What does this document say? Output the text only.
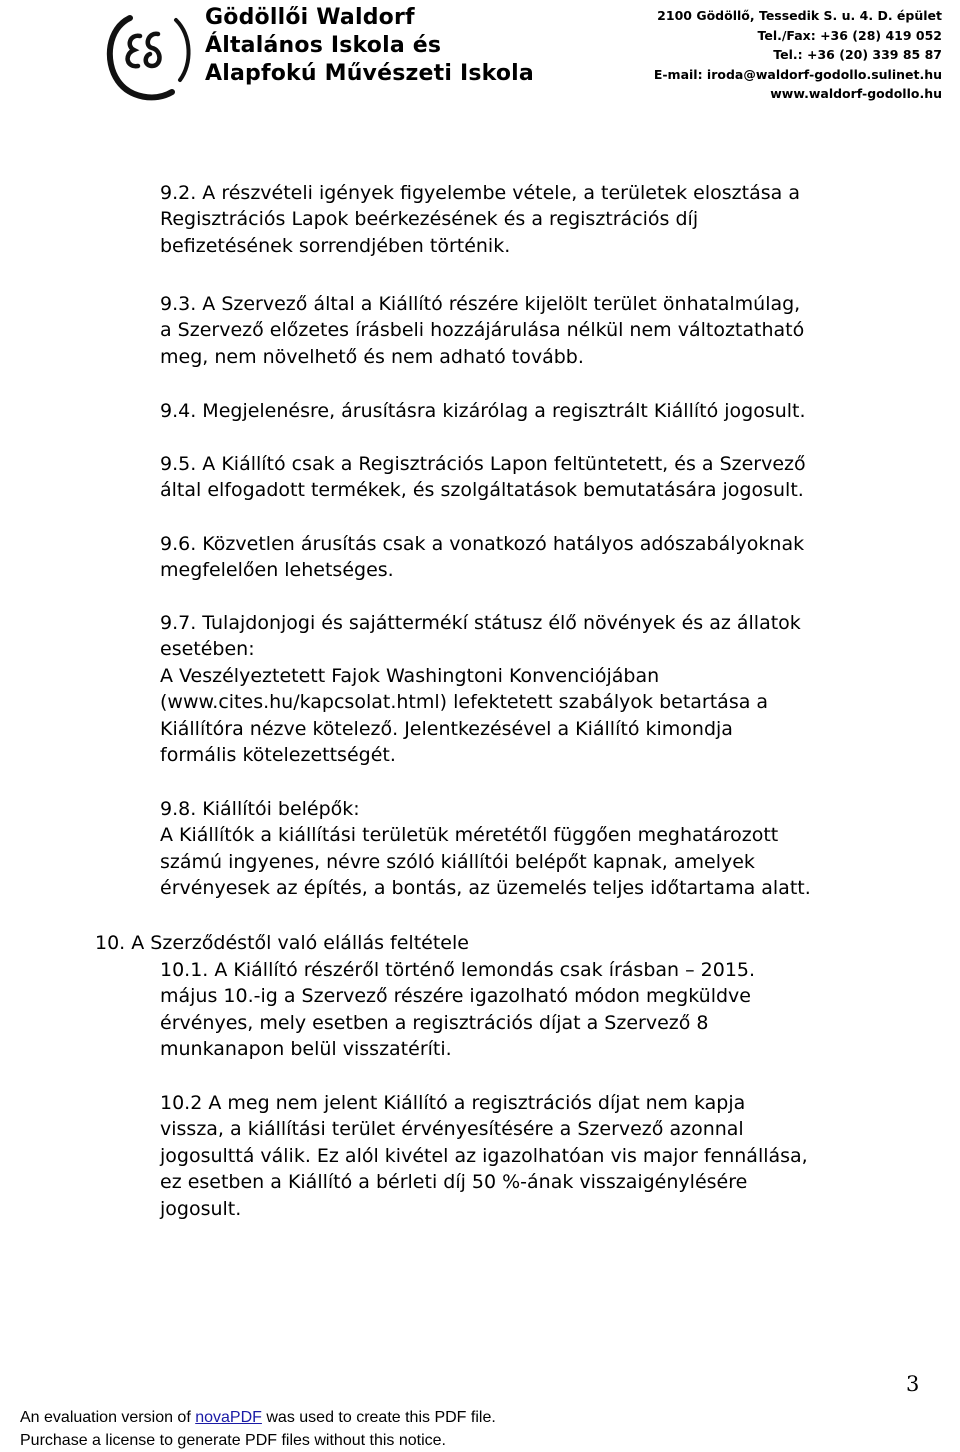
Gödöllői Waldorf
Általános Iskola és
Alapfokú Művészeti Iskola
2100 Gödöllő, Tessedik S. u. 4. D. épület
Tel./Fax: +36 (28) 419 052
Tel.: +36 (20) 339 85 87
E-mail: iroda@waldorf-godollo.sulinet.hu
www.waldorf-godollo.hu
9.2. A részvételi igények figyelembe vétele, a területek elosztása a
Regisztrációs Lapok beérkezésének és a regisztrációs díj
befizetésének sorrendjében történik.
9.3. A Szervező által a Kiállító részére kijelölt terület önhatalmúlag,
a Szervező előzetes írásbeli hozzájárulása nélkül nem változtatható
meg, nem növelhető és nem adható tovább.
9.4. Megjelenésre, árusításra kizárólag a regisztrált Kiállító jogosult.
9.5. A Kiállító csak a Regisztrációs Lapon feltüntetett, és a Szervező
által elfogadott termékek, és szolgáltatások bemutatására jogosult.
9.6. Közvetlen árusítás csak a vonatkozó hatályos adószabályoknak
megfelelően lehetséges.
9.7. Tulajdonjogi és sajáttermékí státusz élő növények és az állatok
esetében:
A Veszélyeztetett Fajok Washingtoni Konvenciójában
(www.cites.hu/kapcsolat.html) lefektetett szabályok betartása a
Kiállítóra nézve kötelező. Jelentkezésével a Kiállító kimondja
formális kötelezettségét.
9.8. Kiállítói belépők:
A Kiállítók a kiállítási területük méretétől függően meghatározott
számú ingyenes, névre szóló kiállítói belépőt kapnak, amelyek
érvényesek az építés, a bontás, az üzemelés teljes időtartama alatt.
10. A Szerződéstől való elállás feltétele
10.1. A Kiállító részéről történő lemondás csak írásban – 2015.
május 10.-ig a Szervező részére igazolható módon megküldve
érvényes, mely esetben a regisztrációs díjat a Szervező 8
munkanapon belül visszatéríti.
10.2 A meg nem jelent Kiállító a regisztrációs díjat nem kapja
vissza, a kiállítási terület érvényesítésére a Szervező azonnal
jogosulttá válik. Ez alól kivétel az igazolhatóan vis major fennállása,
ez esetben a Kiállító a bérleti díj 50 %-ának visszaigénylésére
jogosult.
3
An evaluation version of novaPDF was used to create this PDF file.
Purchase a license to generate PDF files without this notice.
